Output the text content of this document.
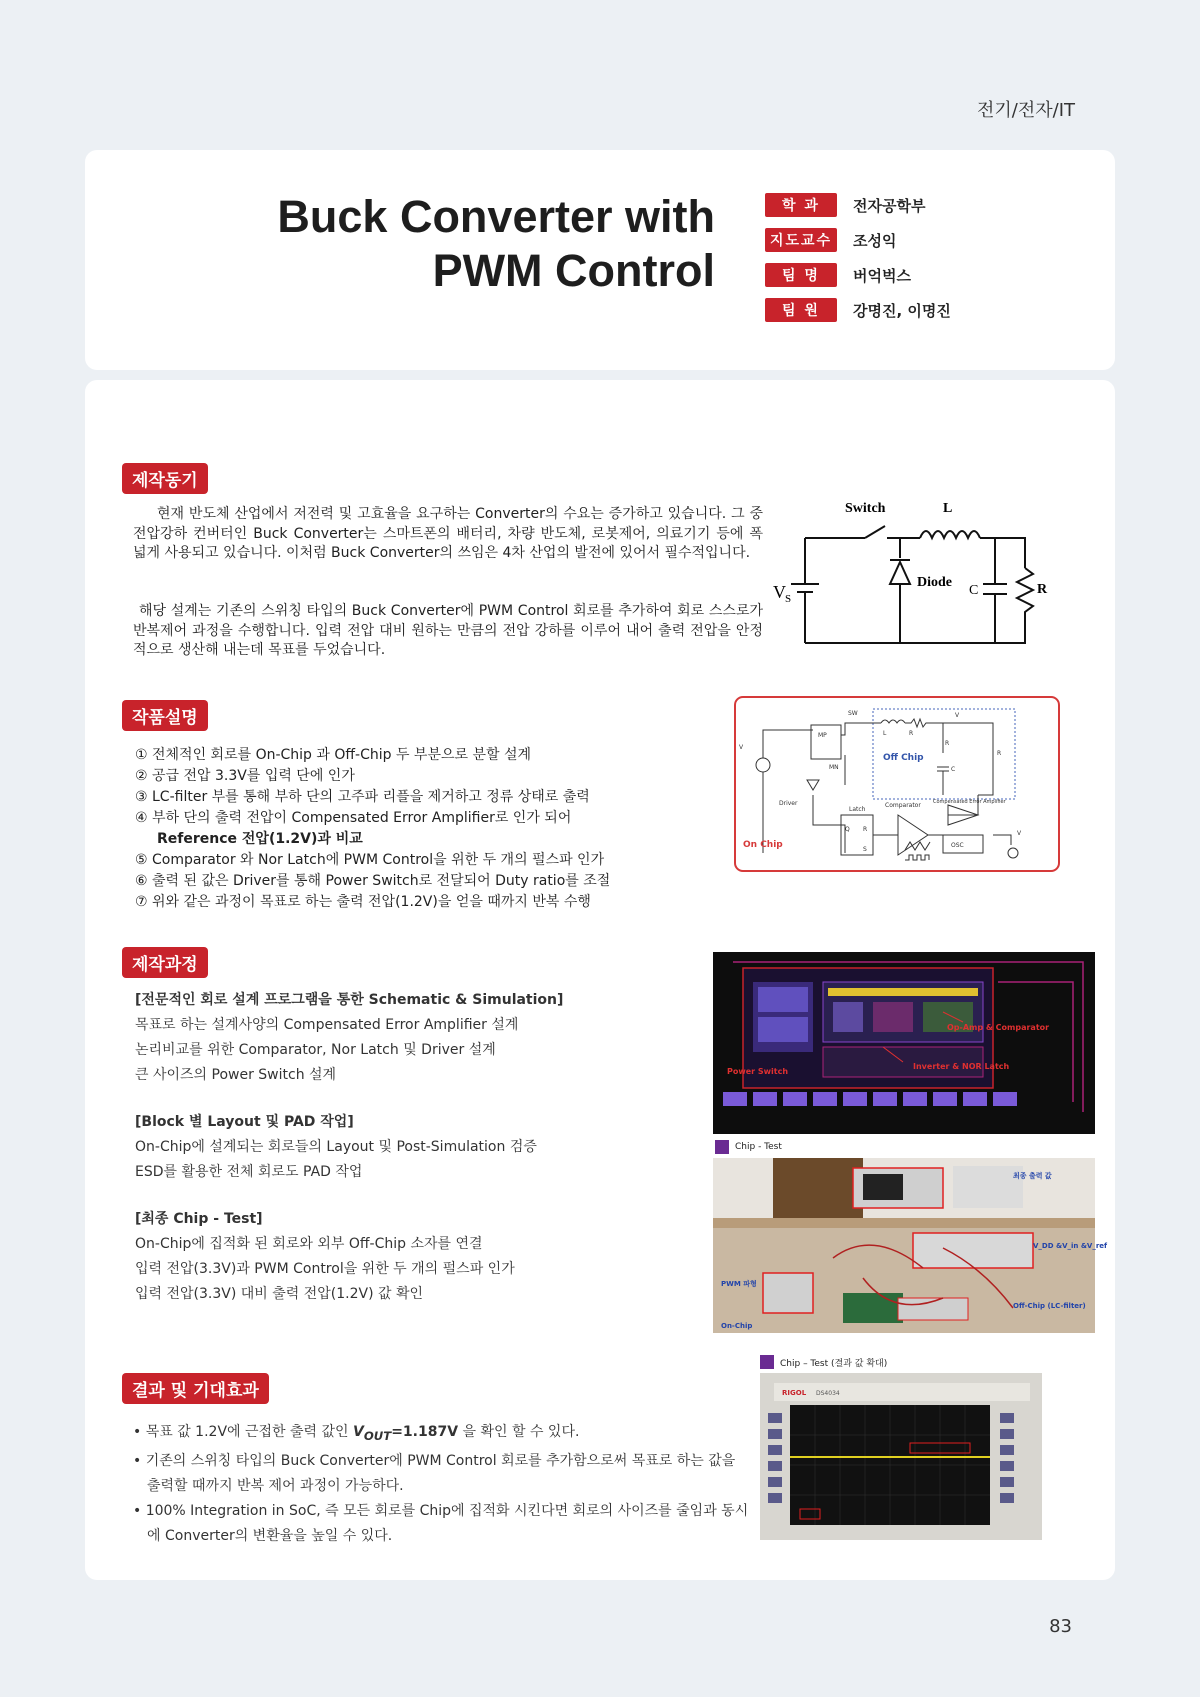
전기/전자/IT
Buck Converter with
PWM Control
학 과	전자공학부
지도교수	조성익
팀 명	버억벅스
팀 원	강명진, 이명진
제작동기
현재 반도체 산업에서 저전력 및 고효율을 요구하는 Converter의 수요는 증가하고 있습니다. 그 중 전압강하 컨버터인 Buck Converter는 스마트폰의 배터리, 차량 반도체, 로봇제어, 의료기기 등에 폭 넓게 사용되고 있습니다. 이처럼 Buck Converter의 쓰임은 4차 산업의 발전에 있어서 필수적입니다.
해당 설계는 기존의 스위칭 타입의 Buck Converter에 PWM Control 회로를 추가하여 회로 스스로가 반복제어 과정을 수행합니다. 입력 전압 대비 원하는 만큼의 전압 강하를 이루어 내어 출력 전압을 안정적으로 생산해 내는데 목표를 두었습니다.
Switch	L
V S
Diode
C	R
작품설명
① 전체적인 회로를 On-Chip 과 Off-Chip 두 부분으로 분할 설계
② 공급 전압 3.3V를 입력 단에 인가
③ LC-filter 부를 통해 부하 단의 고주파 리플을 제거하고 정류 상태로 출력
④ 부하 단의 출력 전압이 Compensated Error Amplifier로 인가 되어
Reference 전압(1.2V)과 비교
⑤ Comparator 와 Nor Latch에 PWM Control을 위한 두 개의 펄스파 인가
⑥ 출력 된 값은 Driver를 통해 Power Switch로 전달되어 Duty ratio를 조절
⑦ 위와 같은 과정이 목표로 하는 출력 전압(1.2V)을 얻을 때까지 반복 수행
SW
MP
MN
V
L	R
V
R
C
R
Off Chip
On Chip
Driver
Latch
Q R
S
Comparator Compensated Error Amplifier
OSC
V
제작과정
[전문적인 회로 설계 프로그램을 통한 Schematic & Simulation]
목표로 하는 설계사양의 Compensated Error Amplifier 설계
논리비교를 위한 Comparator, Nor Latch 및 Driver 설계
큰 사이즈의 Power Switch 설계
[Block 별 Layout 및 PAD 작업]
On-Chip에 설계되는 회로들의 Layout 및 Post-Simulation 검증
ESD를 활용한 전체 회로도 PAD 작업
[최종 Chip - Test]
On-Chip에 집적화 된 회로와 외부 Off-Chip 소자를 연결
입력 전압(3.3V)과 PWM Control을 위한 두 개의 펄스파 인가
입력 전압(3.3V) 대비 출력 전압(1.2V) 값 확인
Op-Amp & Comparator
Inverter & NOR Latch
Power Switch
Chip - Test
최종 출력 값
V_DD &V_in &V_ref
PWM 파형
Off-Chip (LC-filter)
On-Chip
결과 및 기대효과
• 목표 값 1.2V에 근접한 출력 값인 $V_{OUT}=1.187V$ 을 확인 할 수 있다.
• 기존의 스위칭 타입의 Buck Converter에 PWM Control 회로를 추가함으로써 목표로 하는 값을 출력할 때까지 반복 제어 과정이 가능하다.
• 100% Integration in SoC, 즉 모든 회로를 Chip에 집적화 시킨다면 회로의 사이즈를 줄임과 동시에 Converter의 변환율을 높일 수 있다.
Chip – Test (결과 값 확대)
RIGOL DS4034
83
